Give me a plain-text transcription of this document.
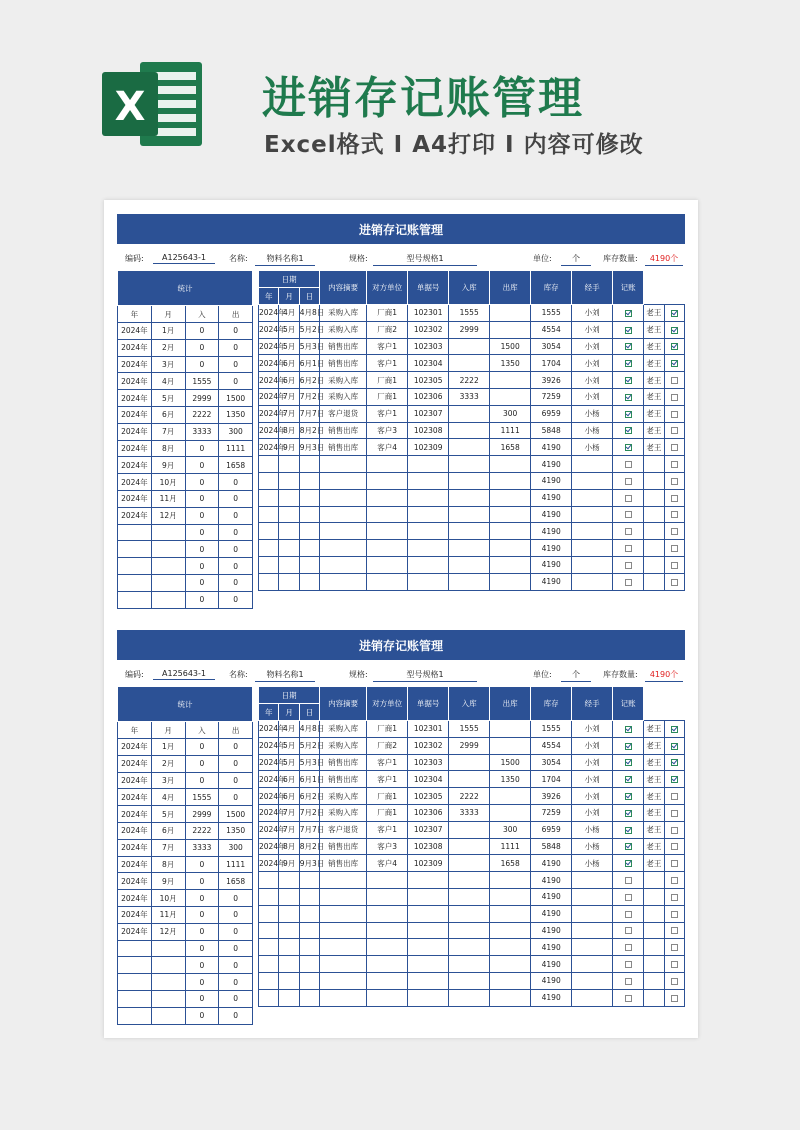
X	进销存记账管理
Excel格式 I A4打印 I 内容可修改
进销存记账管理
编码:	A125643-1	名称:	物料名称1	规格:	型号规格1	单位:	个	库存数量:	4190个
统计			
年	月	入	出
2024年	1月	0	0
2024年	2月	0	0
2024年	3月	0	0
2024年	4月	1555	0
2024年	5月	2999	1500
2024年	6月	2222	1350
2024年	7月	3333	300
2024年	8月	0	1111
2024年	9月	0	1658
2024年	10月	0	0
2024年	11月	0	0
2024年	12月	0	0
		0	0
		0	0
		0	0
		0	0
		0	0
日期			内容摘要	对方单位	单据号	入库	出库	库存	经手	记账		
年	月	日										
2024年	4月	4月8日	采购入库	厂商1	102301	1555		1555	小刘		老王	
2024年	5月	5月2日	采购入库	厂商2	102302	2999		4554	小刘		老王	
2024年	5月	5月3日	销售出库	客户1	102303		1500	3054	小刘		老王	
2024年	6月	6月1日	销售出库	客户1	102304		1350	1704	小刘		老王	
2024年	6月	6月2日	采购入库	厂商1	102305	2222		3926	小刘		老王	
2024年	7月	7月2日	采购入库	厂商1	102306	3333		7259	小刘		老王	
2024年	7月	7月7日	客户退货	客户1	102307		300	6959	小杨		老王	
2024年	8月	8月2日	销售出库	客户3	102308		1111	5848	小杨		老王	
2024年	9月	9月3日	销售出库	客户4	102309		1658	4190	小杨		老王	
								4190				
								4190				
								4190				
								4190				
								4190				
								4190				
								4190				
								4190				
进销存记账管理
编码:	A125643-1	名称:	物料名称1	规格:	型号规格1	单位:	个	库存数量:	4190个
统计			
年	月	入	出
2024年	1月	0	0
2024年	2月	0	0
2024年	3月	0	0
2024年	4月	1555	0
2024年	5月	2999	1500
2024年	6月	2222	1350
2024年	7月	3333	300
2024年	8月	0	1111
2024年	9月	0	1658
2024年	10月	0	0
2024年	11月	0	0
2024年	12月	0	0
		0	0
		0	0
		0	0
		0	0
		0	0
日期			内容摘要	对方单位	单据号	入库	出库	库存	经手	记账		
年	月	日										
2024年	4月	4月8日	采购入库	厂商1	102301	1555		1555	小刘		老王	
2024年	5月	5月2日	采购入库	厂商2	102302	2999		4554	小刘		老王	
2024年	5月	5月3日	销售出库	客户1	102303		1500	3054	小刘		老王	
2024年	6月	6月1日	销售出库	客户1	102304		1350	1704	小刘		老王	
2024年	6月	6月2日	采购入库	厂商1	102305	2222		3926	小刘		老王	
2024年	7月	7月2日	采购入库	厂商1	102306	3333		7259	小刘		老王	
2024年	7月	7月7日	客户退货	客户1	102307		300	6959	小杨		老王	
2024年	8月	8月2日	销售出库	客户3	102308		1111	5848	小杨		老王	
2024年	9月	9月3日	销售出库	客户4	102309		1658	4190	小杨		老王	
								4190				
								4190				
								4190				
								4190				
								4190				
								4190				
								4190				
								4190				
